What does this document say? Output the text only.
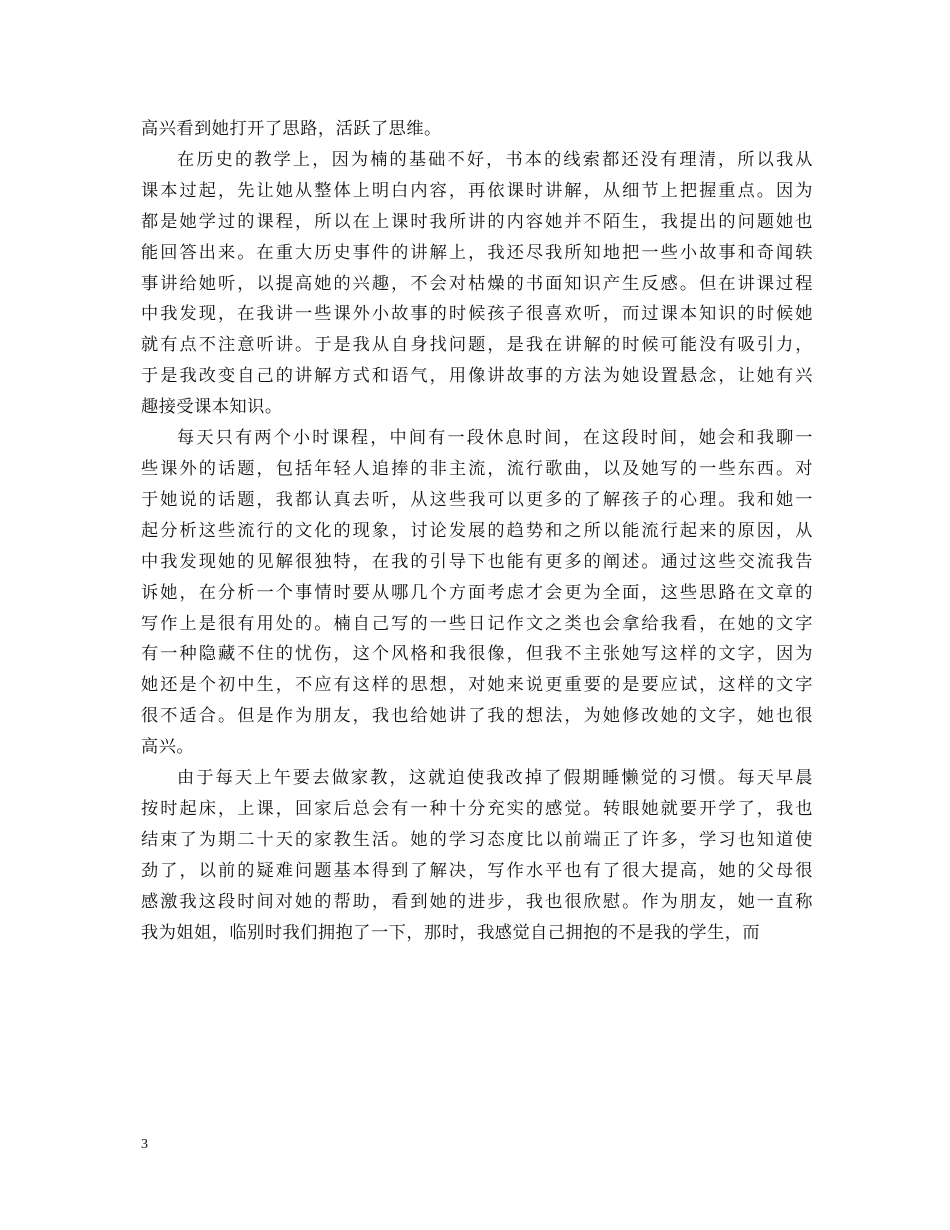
高兴看到她打开了思路，活跃了思维。

在历史的教学上，因为楠的基础不好，书本的线索都还没有理清，所以我从
课本过起，先让她从整体上明白内容，再依课时讲解，从细节上把握重点。因为
都是她学过的课程，所以在上课时我所讲的内容她并不陌生，我提出的问题她也
能回答出来。在重大历史事件的讲解上，我还尽我所知地把一些小故事和奇闻轶
事讲给她听，以提高她的兴趣，不会对枯燥的书面知识产生反感。但在讲课过程
中我发现，在我讲一些课外小故事的时候孩子很喜欢听，而过课本知识的时候她
就有点不注意听讲。于是我从自身找问题，是我在讲解的时候可能没有吸引力，
于是我改变自己的讲解方式和语气，用像讲故事的方法为她设置悬念，让她有兴
趣接受课本知识。

每天只有两个小时课程，中间有一段休息时间，在这段时间，她会和我聊一
些课外的话题，包括年轻人追捧的非主流，流行歌曲，以及她写的一些东西。对
于她说的话题，我都认真去听，从这些我可以更多的了解孩子的心理。我和她一
起分析这些流行的文化的现象，讨论发展的趋势和之所以能流行起来的原因，从
中我发现她的见解很独特，在我的引导下也能有更多的阐述。通过这些交流我告
诉她，在分析一个事情时要从哪几个方面考虑才会更为全面，这些思路在文章的
写作上是很有用处的。楠自己写的一些日记作文之类也会拿给我看，在她的文字
有一种隐藏不住的忧伤，这个风格和我很像，但我不主张她写这样的文字，因为
她还是个初中生，不应有这样的思想，对她来说更重要的是要应试，这样的文字
很不适合。但是作为朋友，我也给她讲了我的想法，为她修改她的文字，她也很
高兴。

由于每天上午要去做家教，这就迫使我改掉了假期睡懒觉的习惯。每天早晨
按时起床，上课，回家后总会有一种十分充实的感觉。转眼她就要开学了，我也
结束了为期二十天的家教生活。她的学习态度比以前端正了许多，学习也知道使
劲了，以前的疑难问题基本得到了解决，写作水平也有了很大提高，她的父母很
感激我这段时间对她的帮助，看到她的进步，我也很欣慰。作为朋友，她一直称
我为姐姐，临别时我们拥抱了一下，那时，我感觉自己拥抱的不是我的学生，而

3
